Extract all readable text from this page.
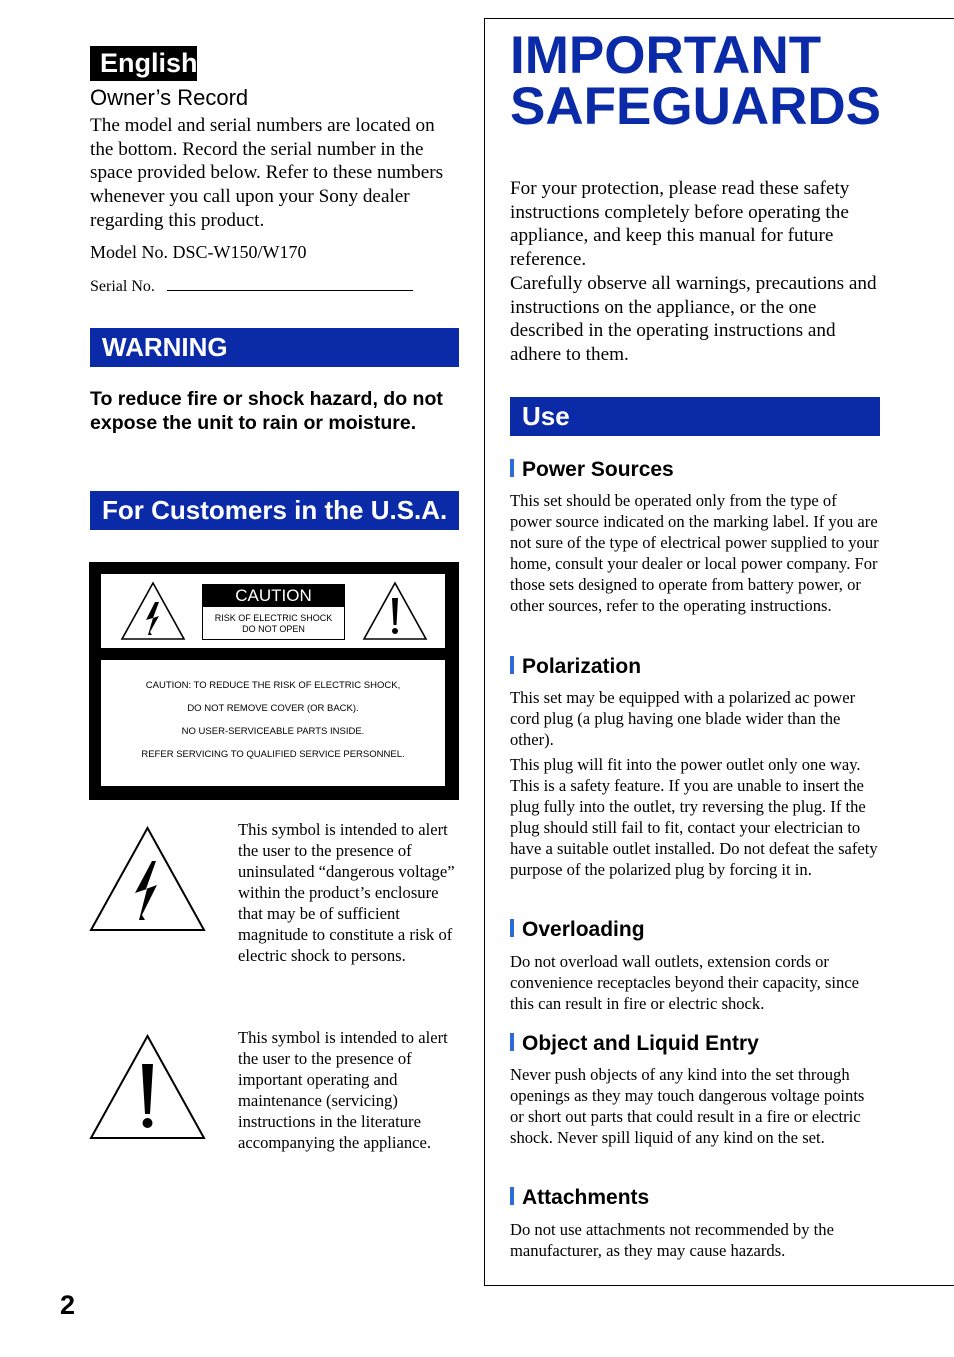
English
Owner’s Record
The model and serial numbers are located on the bottom. Record the serial number in the space provided below. Refer to these numbers whenever you call upon your Sony dealer regarding this product.
Model No. DSC-W150/W170
Serial No.
WARNING
To reduce fire or shock hazard, do not expose the unit to rain or moisture.
For Customers in the U.S.A.
CAUTION
RISK OF ELECTRIC SHOCK
DO NOT OPEN
CAUTION: TO REDUCE THE RISK OF ELECTRIC SHOCK,
DO NOT REMOVE COVER (OR BACK).
NO USER-SERVICEABLE PARTS INSIDE.
REFER SERVICING TO QUALIFIED SERVICE PERSONNEL.
This symbol is intended to alert the user to the presence of uninsulated “dangerous voltage” within the product’s enclosure that may be of sufficient magnitude to constitute a risk of electric shock to persons.
This symbol is intended to alert the user to the presence of important operating and maintenance (servicing) instructions in the literature accompanying the appliance.
2
IMPORTANT
SAFEGUARDS
For your protection, please read these safety instructions completely before operating the appliance, and keep this manual for future reference.
Carefully observe all warnings, precautions and instructions on the appliance, or the one described in the operating instructions and adhere to them.
Use
Power Sources
This set should be operated only from the type of power source indicated on the marking label. If you are not sure of the type of electrical power supplied to your home, consult your dealer or local power company. For those sets designed to operate from battery power, or other sources, refer to the operating instructions.
Polarization
This set may be equipped with a polarized ac power cord plug (a plug having one blade wider than the other).
This plug will fit into the power outlet only one way. This is a safety feature. If you are unable to insert the plug fully into the outlet, try reversing the plug. If the plug should still fail to fit, contact your electrician to have a suitable outlet installed. Do not defeat the safety purpose of the polarized plug by forcing it in.
Overloading
Do not overload wall outlets, extension cords or convenience receptacles beyond their capacity, since this can result in fire or electric shock.
Object and Liquid Entry
Never push objects of any kind into the set through openings as they may touch dangerous voltage points or short out parts that could result in a fire or electric shock. Never spill liquid of any kind on the set.
Attachments
Do not use attachments not recommended by the manufacturer, as they may cause hazards.
